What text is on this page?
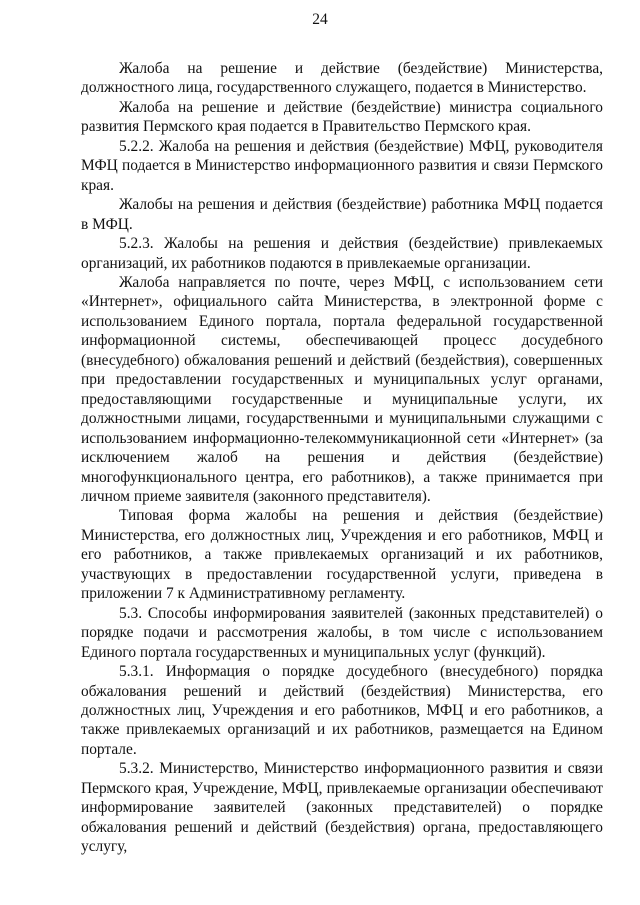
24

Жалоба на решение и действие (бездействие) Министерства, должностного лица, государственного служащего, подается в Министерство.

Жалоба на решение и действие (бездействие) министра социального развития Пермского края подается в Правительство Пермского края.

5.2.2. Жалоба на решения и действия (бездействие) МФЦ, руководителя МФЦ подается в Министерство информационного развития и связи Пермского края.

Жалобы на решения и действия (бездействие) работника МФЦ подается в МФЦ.

5.2.3. Жалобы на решения и действия (бездействие) привлекаемых организаций, их работников подаются в привлекаемые организации.

Жалоба направляется по почте, через МФЦ, с использованием сети «Интернет», официального сайта Министерства, в электронной форме с использованием Единого портала, портала федеральной государственной информационной системы, обеспечивающей процесс досудебного (внесудебного) обжалования решений и действий (бездействия), совершенных при предоставлении государственных и муниципальных услуг органами, предоставляющими государственные и муниципальные услуги, их должностными лицами, государственными и муниципальными служащими с использованием информационно-телекоммуникационной сети «Интернет» (за исключением жалоб на решения и действия (бездействие) многофункционального центра, его работников), а также принимается при личном приеме заявителя (законного представителя).

Типовая форма жалобы на решения и действия (бездействие) Министерства, его должностных лиц, Учреждения и его работников, МФЦ и его работников, а также привлекаемых организаций и их работников, участвующих в предоставлении государственной услуги, приведена в приложении 7 к Административному регламенту.

5.3. Способы информирования заявителей (законных представителей) о порядке подачи и рассмотрения жалобы, в том числе с использованием Единого портала государственных и муниципальных услуг (функций).

5.3.1. Информация о порядке досудебного (внесудебного) порядка обжалования решений и действий (бездействия) Министерства, его должностных лиц, Учреждения и его работников, МФЦ и его работников, а также привлекаемых организаций и их работников, размещается на Едином портале.

5.3.2. Министерство, Министерство информационного развития и связи Пермского края, Учреждение, МФЦ, привлекаемые организации обеспечивают информирование заявителей (законных представителей) о порядке обжалования решений и действий (бездействия) органа, предоставляющего услугу,
